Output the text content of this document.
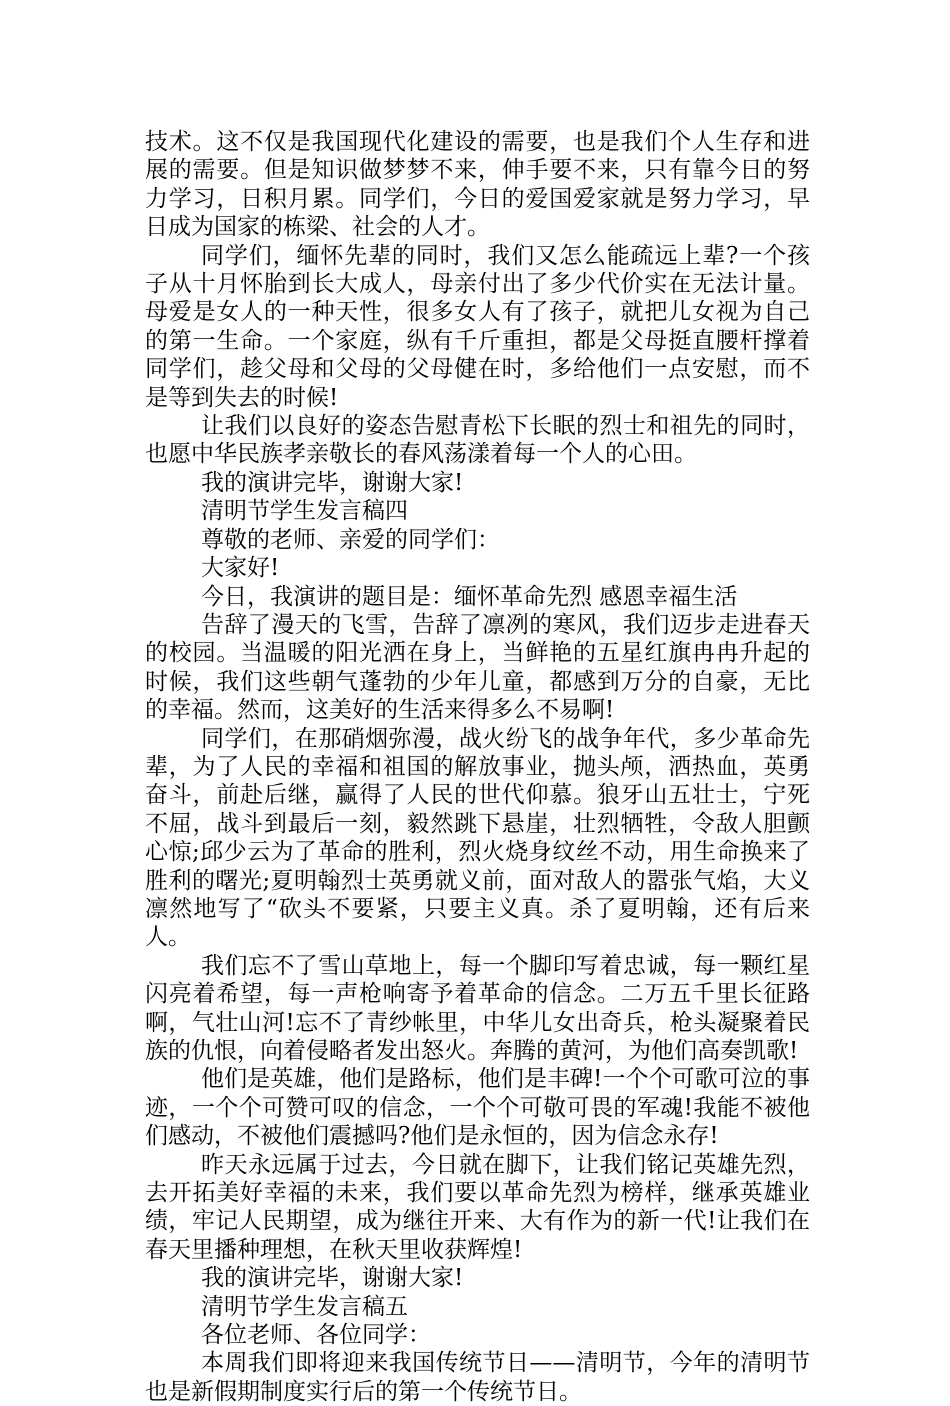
技术。这不仅是我国现代化建设的需要，也是我们个人生存和进展的需要。但是知识做梦梦不来，伸手要不来，只有靠今日的努力学习，日积月累。同学们，今日的爱国爱家就是努力学习，早日成为国家的栋梁、社会的人才。

同学们，缅怀先辈的同时，我们又怎么能疏远上辈?一个孩子从十月怀胎到长大成人，母亲付出了多少代价实在无法计量。母爱是女人的一种天性，很多女人有了孩子，就把儿女视为自己的第一生命。一个家庭，纵有千斤重担，都是父母挺直腰杆撑着同学们，趁父母和父母的父母健在时，多给他们一点安慰，而不是等到失去的时候!

让我们以良好的姿态告慰青松下长眠的烈士和祖先的同时，也愿中华民族孝亲敬长的春风荡漾着每一个人的心田。

我的演讲完毕，谢谢大家!

清明节学生发言稿四

尊敬的老师、亲爱的同学们：

大家好!

今日，我演讲的题目是：缅怀革命先烈 感恩幸福生活

告辞了漫天的飞雪，告辞了凛冽的寒风，我们迈步走进春天的校园。当温暖的阳光洒在身上，当鲜艳的五星红旗冉冉升起的时候，我们这些朝气蓬勃的少年儿童，都感到万分的自豪，无比的幸福。然而，这美好的生活来得多么不易啊!

同学们，在那硝烟弥漫，战火纷飞的战争年代，多少革命先辈，为了人民的幸福和祖国的解放事业，抛头颅，洒热血，英勇奋斗，前赴后继，赢得了人民的世代仰慕。狼牙山五壮士，宁死不屈，战斗到最后一刻，毅然跳下悬崖，壮烈牺牲，令敌人胆颤心惊;邱少云为了革命的胜利，烈火烧身纹丝不动，用生命换来了胜利的曙光;夏明翰烈士英勇就义前，面对敌人的嚣张气焰，大义凛然地写了“砍头不要紧，只要主义真。杀了夏明翰，还有后来人。

我们忘不了雪山草地上，每一个脚印写着忠诚，每一颗红星闪亮着希望，每一声枪响寄予着革命的信念。二万五千里长征路啊，气壮山河!忘不了青纱帐里，中华儿女出奇兵，枪头凝聚着民族的仇恨，向着侵略者发出怒火。奔腾的黄河，为他们高奏凯歌!

他们是英雄，他们是路标，他们是丰碑!一个个可歌可泣的事迹，一个个可赞可叹的信念，一个个可敬可畏的军魂!我能不被他们感动，不被他们震撼吗?他们是永恒的，因为信念永存!

昨天永远属于过去，今日就在脚下，让我们铭记英雄先烈，去开拓美好幸福的未来，我们要以革命先烈为榜样，继承英雄业绩，牢记人民期望，成为继往开来、大有作为的新一代!让我们在春天里播种理想，在秋天里收获辉煌!

我的演讲完毕，谢谢大家!

清明节学生发言稿五

各位老师、各位同学：

本周我们即将迎来我国传统节日——清明节，今年的清明节也是新假期制度实行后的第一个传统节日。
